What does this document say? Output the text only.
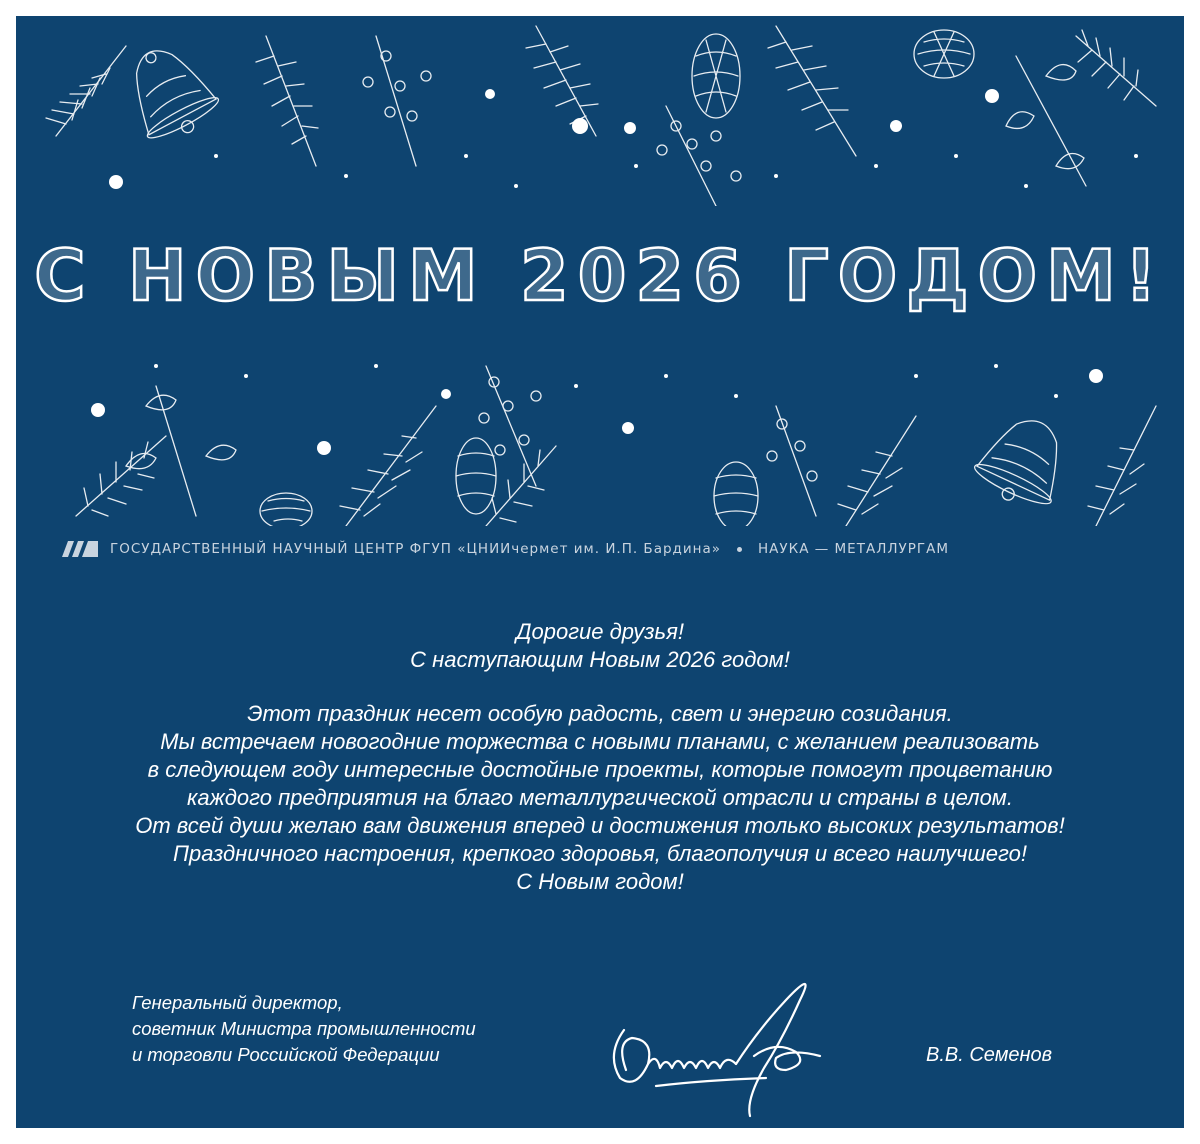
С НОВЫМ 2026 ГОДОМ!
ГОСУДАРСТВЕННЫЙ НАУЧНЫЙ ЦЕНТР ФГУП «ЦНИИчермет им. И.П. Бардина»	НАУКА — МЕТАЛЛУРГАМ
Дорогие друзья!
С наступающим Новым 2026 годом!
Этот праздник несет особую радость, свет и энергию созидания.
Мы встречаем новогодние торжества с новыми планами, с желанием реализовать
в следующем году интересные достойные проекты, которые помогут процветанию
каждого предприятия на благо металлургической отрасли и страны в целом.
От всей души желаю вам движения вперед и достижения только высоких результатов!
Праздничного настроения, крепкого здоровья, благополучия и всего наилучшего!
С Новым годом!
Генеральный директор,
советник Министра промышленности
и торговли Российской Федерации	В.В. Семенов
